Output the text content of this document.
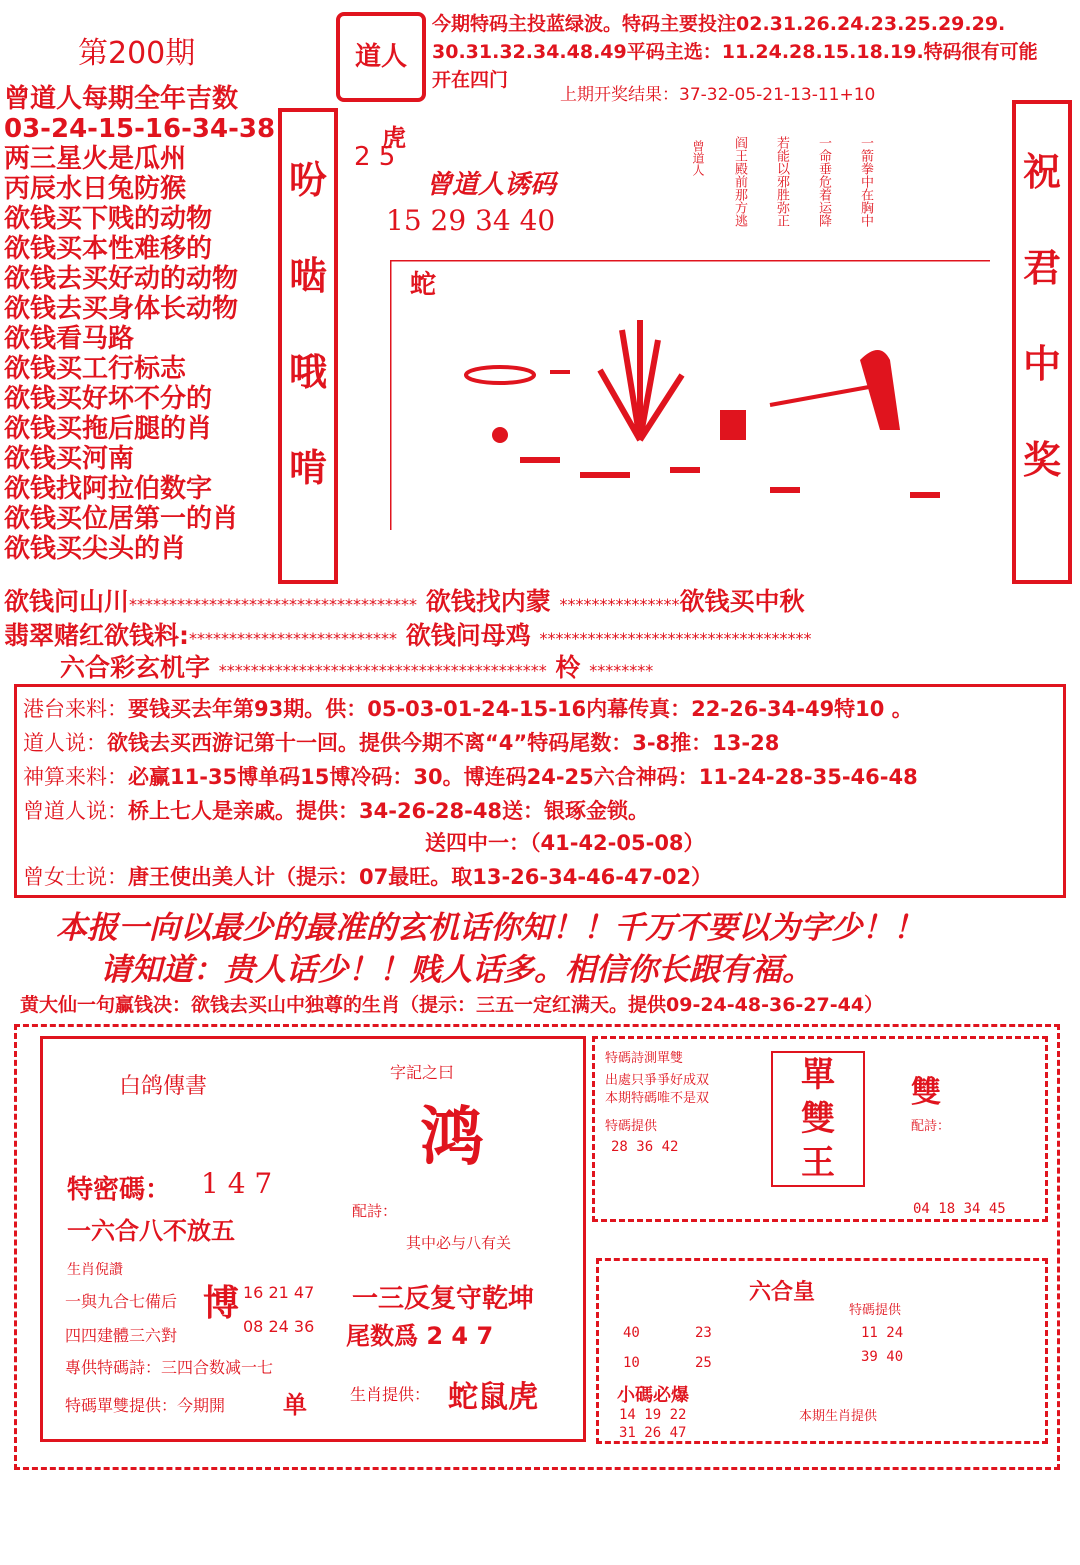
第200期	道人
今期特码主投蓝绿波。特码主要投注02.31.26.24.23.25.29.29.
30.31.32.34.48.49平码主选：11.24.28.15.18.19.特码很有可能
开在四门
上期开奖结果：37-32-05-21-13-11+10
曾道人每期全年吉数
03-24-15-16-34-38
两三星火是瓜州
丙辰水日兔防猴
欲钱买下贱的动物
欲钱买本性难移的
欲钱去买好动的动物
欲钱去买身体长动物
欲钱看马路
欲钱买工行标志
欲钱买好坏不分的
欲钱买拖后腿的肖
欲钱买河南
欲钱找阿拉伯数字
欲钱买位居第一的肖
欲钱买尖头的肖
吩
啮
哦
啃
祝
君
中
奖
虎
2 5
曾道人诱码
15 29 34 40
曾道人 阎王殿前那方逃 若能以邪胜弥正 一命垂危着运降 一箭拳中在胸中
蛇
欲钱问山川************************************ 欲钱找内蒙 ***************欲钱买中秋
翡翠赌红欲钱料:************************** 欲钱问母鸡 **********************************
六合彩玄机字 ***************************************** 柃 ********
港台来料：要钱买去年第93期。供：05-03-01-24-15-16内幕传真：22-26-34-49特10 。
道人说：欲钱去买西游记第十一回。提供今期不离“4”特码尾数：3-8推：13-28
神算来料：必赢11-35博单码15博冷码：30。博连码24-25六合神码：11-24-28-35-46-48
曾道人说：桥上七人是亲戚。提供：34-26-28-48送：银琢金锁。
送四中一：（41-42-05-08）
曾女士说：唐王使出美人计（提示：07最旺。取13-26-34-46-47-02）
本报一向以最少的最准的玄机话你知！！千万不要以为字少！！
请知道：贵人话少！！贱人话多。相信你长跟有福。
黄大仙一句赢钱决：欲钱去买山中独尊的生肖（提示：三五一定红满天。提供09-24-48-36-27-44）
白鸽傳書
特密碼： 1 4 7
一六合八不放五
生肖倪讚
博
一與九合七備后	16 21 47
四四建體三六對	08 24 36
專供特碼詩：三四合数减一七
特碼單雙提供：今期開 单
字記之曰
鸿
配詩：
其中必与八有关
一三反复守乾坤
尾数爲 2 4 7
生肖提供： 蛇鼠虎
特碼詩測單雙
出處只爭爭好成双
本期特碼唯不是双
特碼提供
28 36 42
單
雙
王
雙
配詩：
04 18 34 45
六合皇
特碼提供
40	23	11 24
10	25	39 40
小碼必爆
14 19 22
31 26 47
本期生肖提供
